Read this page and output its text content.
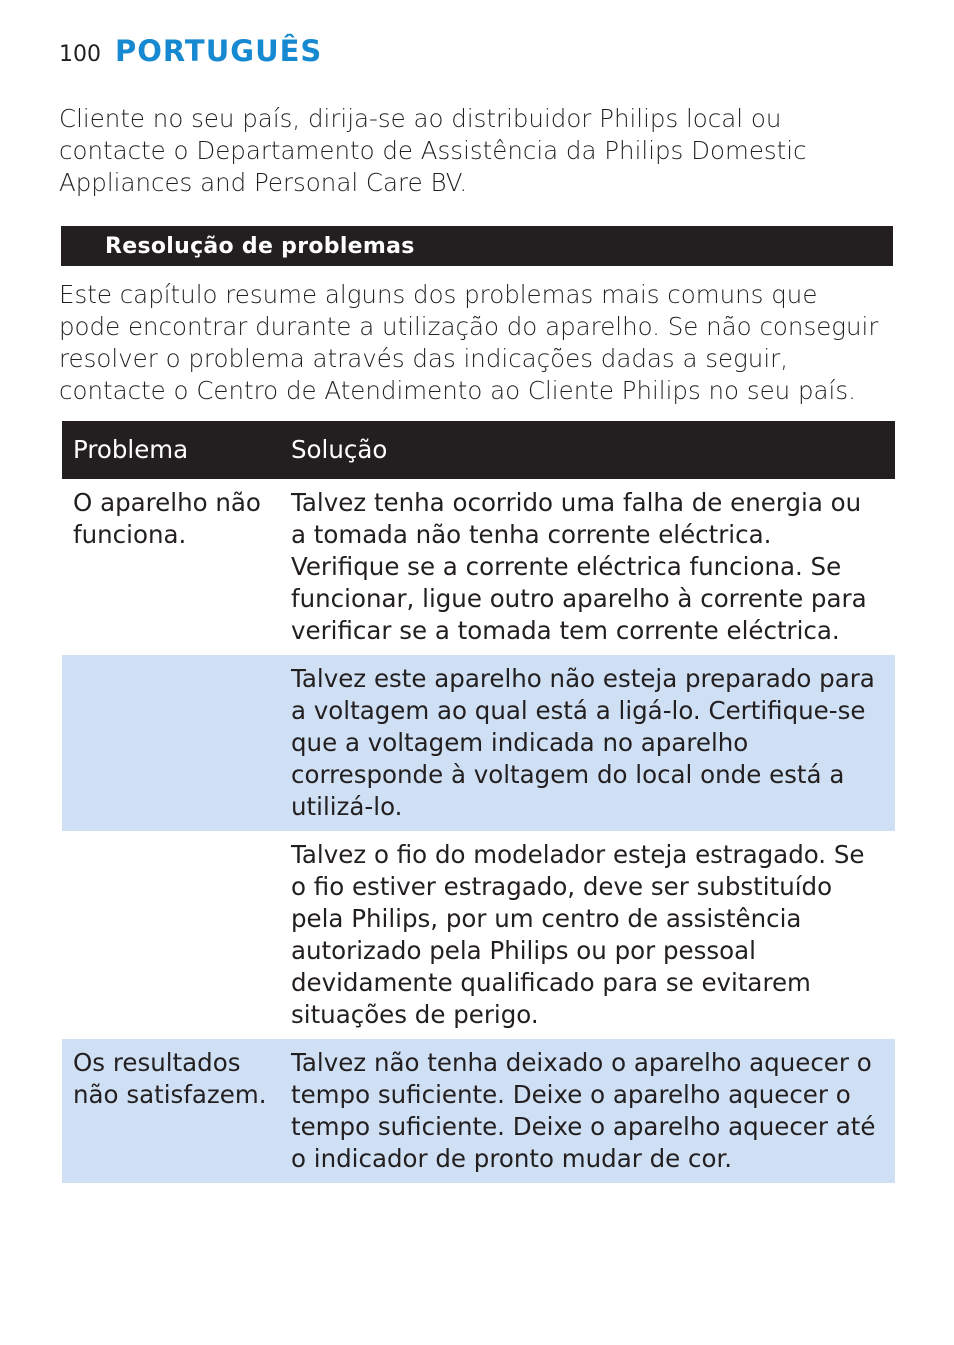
100 PORTUGUÊS

Cliente no seu país, dirija-se ao distribuidor Philips local ou contacte o Departamento de Assistência da Philips Domestic Appliances and Personal Care BV.

Resolução de problemas

Este capítulo resume alguns dos problemas mais comuns que pode encontrar durante a utilização do aparelho. Se não conseguir resolver o problema através das indicações dadas a seguir, contacte o Centro de Atendimento ao Cliente Philips no seu país.

Problema	Solução
O aparelho não funciona.	Talvez tenha ocorrido uma falha de energia ou a tomada não tenha corrente eléctrica. Verifique se a corrente eléctrica funciona. Se funcionar, ligue outro aparelho à corrente para verificar se a tomada tem corrente eléctrica.
	Talvez este aparelho não esteja preparado para a voltagem ao qual está a ligá-lo. Certifique-se que a voltagem indicada no aparelho corresponde à voltagem do local onde está a utilizá-lo.
	Talvez o fio do modelador esteja estragado. Se o fio estiver estragado, deve ser substituído pela Philips, por um centro de assistência autorizado pela Philips ou por pessoal devidamente qualificado para se evitarem situações de perigo.
Os resultados não satisfazem.	Talvez não tenha deixado o aparelho aquecer o tempo suficiente. Deixe o aparelho aquecer o tempo suficiente. Deixe o aparelho aquecer até o indicador de pronto mudar de cor.
